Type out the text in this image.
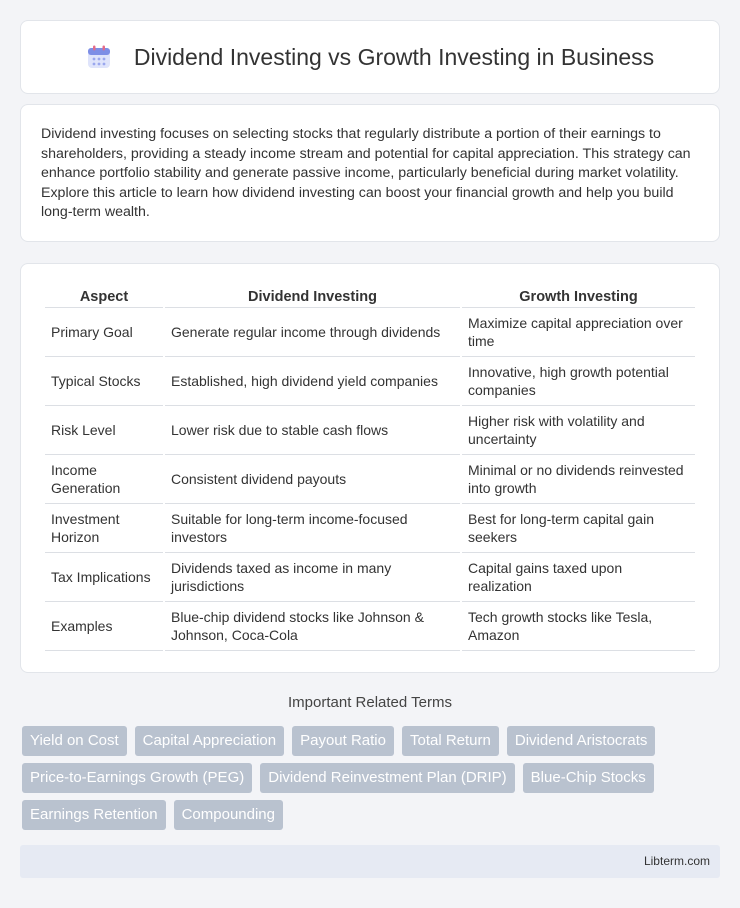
Dividend Investing vs Growth Investing in Business

Dividend investing focuses on selecting stocks that regularly distribute a portion of their earnings to shareholders, providing a steady income stream and potential for capital appreciation. This strategy can enhance portfolio stability and generate passive income, particularly beneficial during market volatility. Explore this article to learn how dividend investing can boost your financial growth and help you build long-term wealth.

Aspect	Dividend Investing	Growth Investing
Primary Goal	Generate regular income through dividends	Maximize capital appreciation over time
Typical Stocks	Established, high dividend yield companies	Innovative, high growth potential companies
Risk Level	Lower risk due to stable cash flows	Higher risk with volatility and uncertainty
Income Generation	Consistent dividend payouts	Minimal or no dividends reinvested into growth
Investment Horizon	Suitable for long-term income-focused investors	Best for long-term capital gain seekers
Tax Implications	Dividends taxed as income in many jurisdictions	Capital gains taxed upon realization
Examples	Blue-chip dividend stocks like Johnson & Johnson, Coca-Cola	Tech growth stocks like Tesla, Amazon
Important Related Terms
Yield on Cost	Capital Appreciation	Payout Ratio	Total Return	Dividend Aristocrats
Price-to-Earnings Growth (PEG)	Dividend Reinvestment Plan (DRIP)	Blue-Chip Stocks
Earnings Retention	Compounding
Libterm.com
